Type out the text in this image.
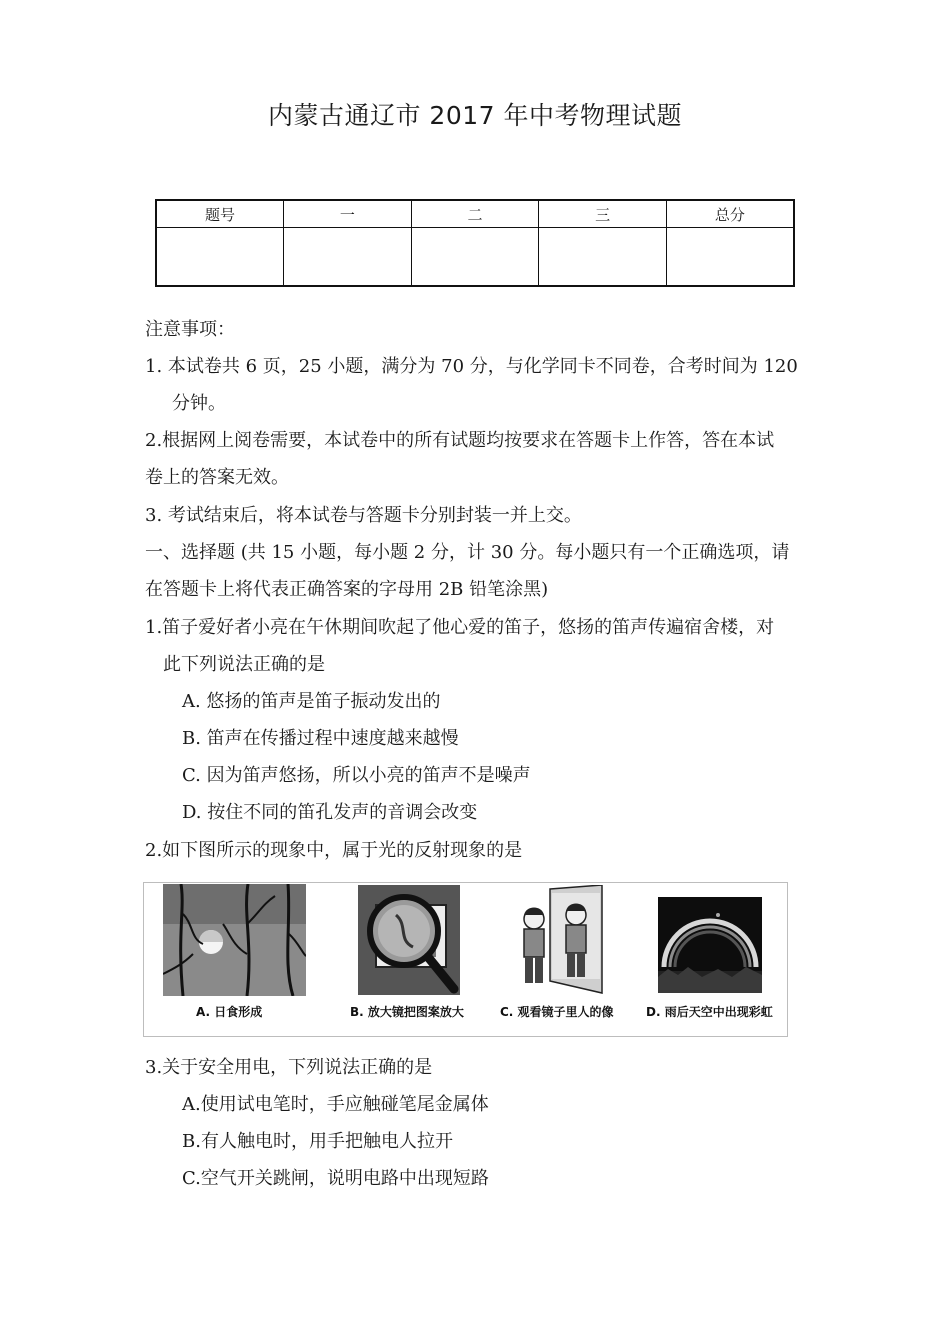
内蒙古通辽市 2017 年中考物理试题
题号	一	二	三	总分

注意事项：
1. 本试卷共 6 页，25 小题，满分为 70 分，与化学同卡不同卷，合考时间为 120
分钟。
2.根据网上阅卷需要，本试卷中的所有试题均按要求在答题卡上作答，答在本试
卷上的答案无效。
3. 考试结束后，将本试卷与答题卡分别封装一并上交。
一、选择题 (共 15 小题，每小题 2 分，计 30 分。每小题只有一个正确选项，请
在答题卡上将代表正确答案的字母用 2B 铅笔涂黑)
1.笛子爱好者小亮在午休期间吹起了他心爱的笛子，悠扬的笛声传遍宿舍楼，对
此下列说法正确的是
A. 悠扬的笛声是笛子振动发出的
B. 笛声在传播过程中速度越来越慢
C. 因为笛声悠扬，所以小亮的笛声不是噪声
D. 按住不同的笛孔发声的音调会改变
2.如下图所示的现象中，属于光的反射现象的是
A. 日食形成	B. 放大镜把图案放大	C. 观看镜子里人的像	D. 雨后天空中出现彩虹
3.关于安全用电，下列说法正确的是
A.使用试电笔时，手应触碰笔尾金属体
B.有人触电时，用手把触电人拉开
C.空气开关跳闸，说明电路中出现短路
